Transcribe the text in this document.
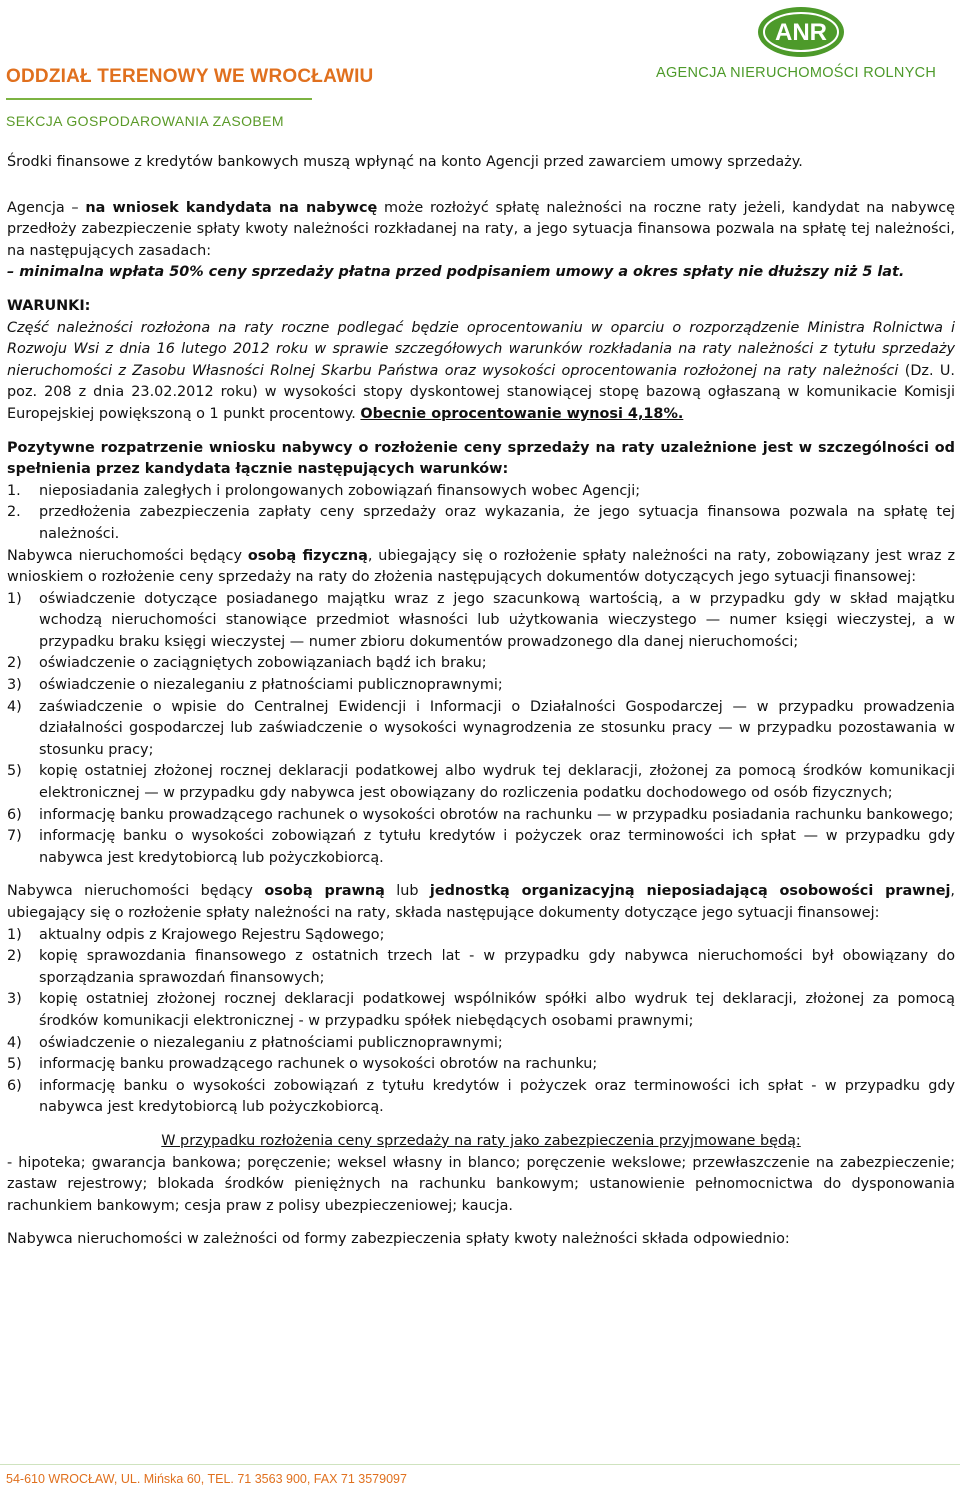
ODDZIAŁ TERENOWY WE WROCŁAWIU
SEKCJA GOSPODAROWANIA ZASOBEM
ANR
AGENCJA NIERUCHOMOŚCI ROLNYCH

Środki finansowe z kredytów bankowych muszą wpłynąć na konto Agencji przed zawarciem umowy sprzedaży.

Agencja – na wniosek kandydata na nabywcę może rozłożyć spłatę należności na roczne raty jeżeli, kandydat na nabywcę przedłoży zabezpieczenie spłaty kwoty należności rozkładanej na raty, a jego sytuacja finansowa pozwala na spłatę tej należności, na następujących zasadach:

– minimalna wpłata 50% ceny sprzedaży płatna przed podpisaniem umowy a okres spłaty nie dłuższy niż 5 lat.

WARUNKI:

Część należności rozłożona na raty roczne podlegać będzie oprocentowaniu w oparciu o rozporządzenie Ministra Rolnictwa i Rozwoju Wsi z dnia 16 lutego 2012 roku w sprawie szczegółowych warunków rozkładania na raty należności z tytułu sprzedaży nieruchomości z Zasobu Własności Rolnej Skarbu Państwa oraz wysokości oprocentowania rozłożonej na raty należności (Dz. U. poz. 208 z dnia 23.02.2012 roku) w wysokości stopy dyskontowej stanowiącej stopę bazową ogłaszaną w komunikacie Komisji Europejskiej powiększoną o 1 punkt procentowy. Obecnie oprocentowanie wynosi 4,18%.

Pozytywne rozpatrzenie wniosku nabywcy o rozłożenie ceny sprzedaży na raty uzależnione jest w szczególności od spełnienia przez kandydata łącznie następujących warunków:

1.	nieposiadania zaległych i prolongowanych zobowiązań finansowych wobec Agencji;
2.	przedłożenia zabezpieczenia zapłaty ceny sprzedaży oraz wykazania, że jego sytuacja finansowa pozwala na spłatę tej należności.

Nabywca nieruchomości będący osobą fizyczną, ubiegający się o rozłożenie spłaty należności na raty, zobowiązany jest wraz z wnioskiem o rozłożenie ceny sprzedaży na raty do złożenia następujących dokumentów dotyczących jego sytuacji finansowej:

1)	oświadczenie dotyczące posiadanego majątku wraz z jego szacunkową wartością, a w przypadku gdy w skład majątku wchodzą nieruchomości stanowiące przedmiot własności lub użytkowania wieczystego — numer księgi wieczystej, a w przypadku braku księgi wieczystej — numer zbioru dokumentów prowadzonego dla danej nieruchomości;
2)	oświadczenie o zaciągniętych zobowiązaniach bądź ich braku;
3)	oświadczenie o niezaleganiu z płatnościami publicznoprawnymi;
4)	zaświadczenie o wpisie do Centralnej Ewidencji i Informacji o Działalności Gospodarczej — w przypadku prowadzenia działalności gospodarczej lub zaświadczenie o wysokości wynagrodzenia ze stosunku pracy — w przypadku pozostawania w stosunku pracy;
5)	kopię ostatniej złożonej rocznej deklaracji podatkowej albo wydruk tej deklaracji, złożonej za pomocą środków komunikacji elektronicznej — w przypadku gdy nabywca jest obowiązany do rozliczenia podatku dochodowego od osób fizycznych;
6)	informację banku prowadzącego rachunek o wysokości obrotów na rachunku — w przypadku posiadania rachunku bankowego;
7)	informację banku o wysokości zobowiązań z tytułu kredytów i pożyczek oraz terminowości ich spłat — w przypadku gdy nabywca jest kredytobiorcą lub pożyczkobiorcą.

Nabywca nieruchomości będący osobą prawną lub jednostką organizacyjną nieposiadającą osobowości prawnej, ubiegający się o rozłożenie spłaty należności na raty, składa następujące dokumenty dotyczące jego sytuacji finansowej:

1)	aktualny odpis z Krajowego Rejestru Sądowego;
2)	kopię sprawozdania finansowego z ostatnich trzech lat - w przypadku gdy nabywca nieruchomości był obowiązany do sporządzania sprawozdań finansowych;
3)	kopię ostatniej złożonej rocznej deklaracji podatkowej wspólników spółki albo wydruk tej deklaracji, złożonej za pomocą środków komunikacji elektronicznej - w przypadku spółek niebędących osobami prawnymi;
4)	oświadczenie o niezaleganiu z płatnościami publicznoprawnymi;
5)	informację banku prowadzącego rachunek o wysokości obrotów na rachunku;
6)	informację banku o wysokości zobowiązań z tytułu kredytów i pożyczek oraz terminowości ich spłat - w przypadku gdy nabywca jest kredytobiorcą lub pożyczkobiorcą.

W przypadku rozłożenia ceny sprzedaży na raty jako zabezpieczenia przyjmowane będą:

- hipoteka; gwarancja bankowa; poręczenie; weksel własny in blanco; poręczenie wekslowe; przewłaszczenie na zabezpieczenie; zastaw rejestrowy; blokada środków pieniężnych na rachunku bankowym; ustanowienie pełnomocnictwa do dysponowania rachunkiem bankowym; cesja praw z polisy ubezpieczeniowej; kaucja.

Nabywca nieruchomości w zależności od formy zabezpieczenia spłaty kwoty należności składa odpowiednio:

54-610 WROCŁAW, UL. Mińska 60, TEL. 71 3563 900, FAX 71 3579097
